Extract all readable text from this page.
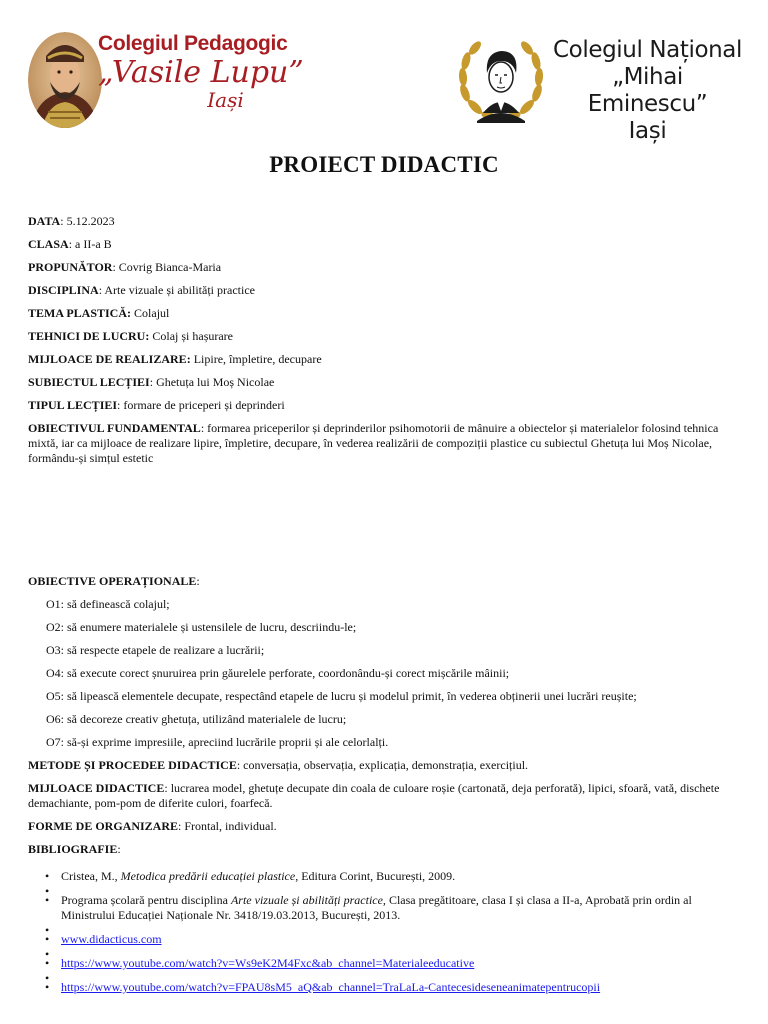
Colegiul Pedagogic
„Vasile Lupu”
Iași
Colegiul Național
„Mihai Eminescu”
Iași
PROIECT DIDACTIC

DATA: 5.12.2023

CLASA: a II-a B

PROPUNĂTOR: Covrig Bianca-Maria

DISCIPLINA: Arte vizuale și abilități practice

TEMA PLASTICĂ: Colajul

TEHNICI DE LUCRU: Colaj și hașurare

MIJLOACE DE REALIZARE: Lipire, împletire, decupare

SUBIECTUL LECȚIEI: Ghetuța lui Moș Nicolae

TIPUL LECȚIEI: formare de priceperi și deprinderi

OBIECTIVUL FUNDAMENTAL: formarea priceperilor și deprinderilor psihomotorii de mânuire a obiectelor și materialelor folosind tehnica mixtă, iar ca mijloace de realizare lipire, împletire, decupare, în vederea realizării de compoziții plastice cu subiectul Ghetuța lui Moș Nicolae, formându-și simțul estetic

OBIECTIVE OPERAȚIONALE:

O1: să definească colajul;
O2: să enumere materialele și ustensilele de lucru, descriindu-le;
O3: să respecte etapele de realizare a lucrării;
O4: să execute corect șnuruirea prin găurelele perforate, coordonându-și corect mișcările mâinii;
O5: să lipească elementele decupate, respectând etapele de lucru și modelul primit, în vederea obținerii unei lucrări reușite;
O6: să decoreze creativ ghetuța, utilizând materialele de lucru;
O7: să-și exprime impresiile, apreciind lucrările proprii și ale celorlalți.

METODE ȘI PROCEDEE DIDACTICE: conversația, observația, explicația, demonstrația, exercițiul.

MIJLOACE DIDACTICE: lucrarea model, ghetuțe decupate din coala de culoare roșie (cartonată, deja perforată), lipici, sfoară, vată, dischete demachiante, pom-pom de diferite culori, foarfecă.

FORME DE ORGANIZARE: Frontal, individual.

BIBLIOGRAFIE:

• Cristea, M., Metodica predării educației plastice, Editura Corint, București, 2009.
•
• Programa școlară pentru disciplina Arte vizuale și abilități practice, Clasa pregătitoare, clasa I și clasa a II-a, Aprobată prin ordin al Ministrului Educației Naționale Nr. 3418/19.03.2013, București, 2013.
•
• www.didacticus.com
•
• https://www.youtube.com/watch?v=Ws9eK2M4Fxc&ab_channel=Materialeeducative
•
• https://www.youtube.com/watch?v=FPAU8sM5_aQ&ab_channel=TraLaLa-Cantecesideseneanimatepentrucopii
